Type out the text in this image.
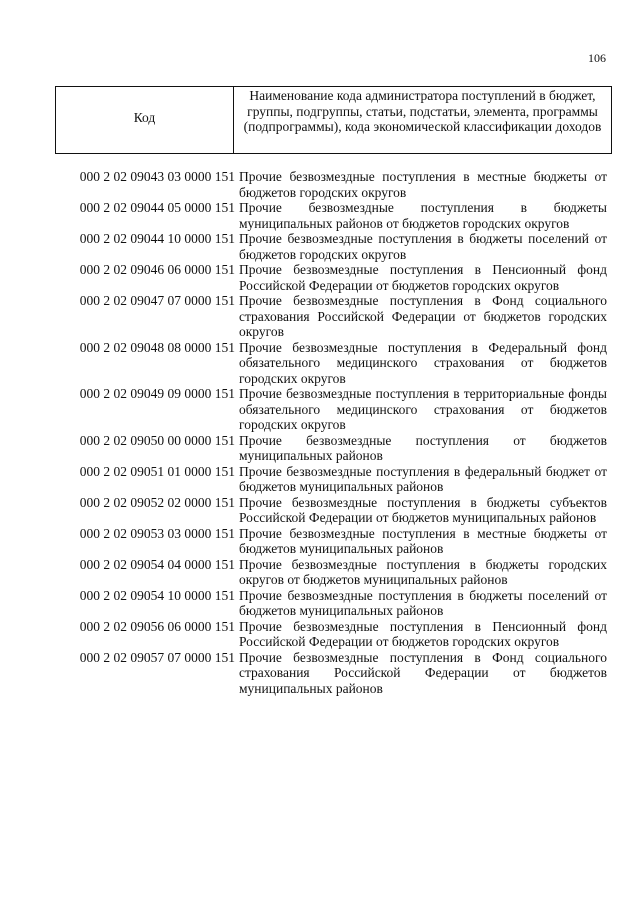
106
Код
Наименование кода администратора поступлений в бюджет, группы, подгруппы, статьи, подстатьи, элемента, программы (подпрограммы), кода экономической классификации доходов
000 2 02 09043 03 0000 151 Прочие безвозмездные поступления в местные бюджеты от бюджетов городских округов
000 2 02 09044 05 0000 151 Прочие безвозмездные поступления в бюджеты муниципальных районов от бюджетов городских округов
000 2 02 09044 10 0000 151 Прочие безвозмездные поступления в бюджеты поселений от бюджетов городских округов
000 2 02 09046 06 0000 151 Прочие безвозмездные поступления в Пенсионный фонд Российской Федерации от бюджетов городских округов
000 2 02 09047 07 0000 151 Прочие безвозмездные поступления в Фонд социального страхования Российской Федерации от бюджетов городских округов
000 2 02 09048 08 0000 151 Прочие безвозмездные поступления в Федеральный фонд обязательного медицинского страхования от бюджетов городских округов
000 2 02 09049 09 0000 151 Прочие безвозмездные поступления в территориальные фонды обязательного медицинского страхования от бюджетов городских округов
000 2 02 09050 00 0000 151 Прочие безвозмездные поступления от бюджетов муниципальных районов
000 2 02 09051 01 0000 151 Прочие безвозмездные поступления в федеральный бюджет от бюджетов муниципальных районов
000 2 02 09052 02 0000 151 Прочие безвозмездные поступления в бюджеты субъектов Российской Федерации от бюджетов муниципальных районов
000 2 02 09053 03 0000 151 Прочие безвозмездные поступления в местные бюджеты от бюджетов муниципальных районов
000 2 02 09054 04 0000 151 Прочие безвозмездные поступления в бюджеты городских округов от бюджетов муниципальных районов
000 2 02 09054 10 0000 151 Прочие безвозмездные поступления в бюджеты поселений от бюджетов муниципальных районов
000 2 02 09056 06 0000 151 Прочие безвозмездные поступления в Пенсионный фонд Российской Федерации от бюджетов городских округов
000 2 02 09057 07 0000 151 Прочие безвозмездные поступления в Фонд социального страхования Российской Федерации от бюджетов муниципальных районов
